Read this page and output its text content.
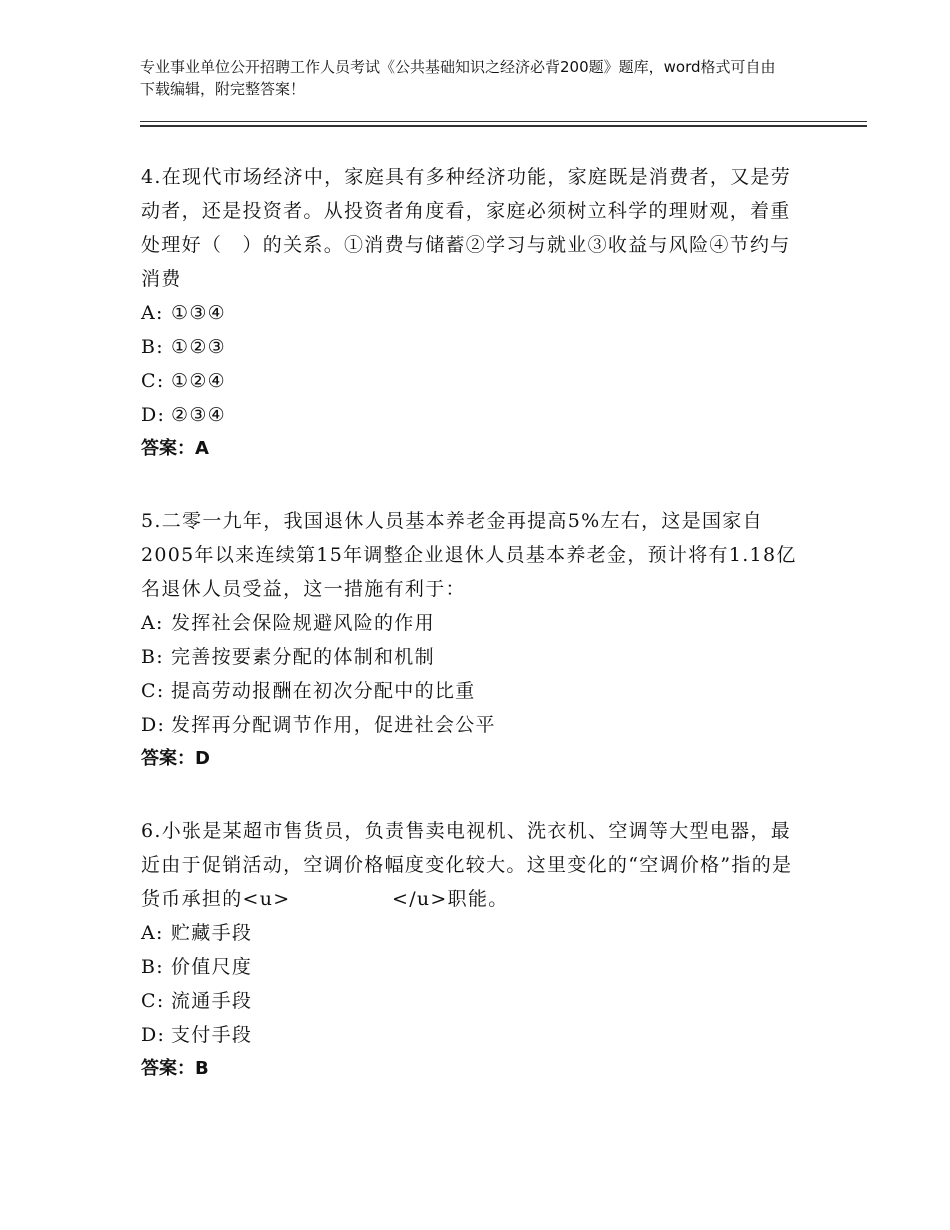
专业事业单位公开招聘工作人员考试《公共基础知识之经济必背200题》题库，word格式可自由下载编辑，附完整答案！
4.在现代市场经济中，家庭具有多种经济功能，家庭既是消费者，又是劳动者，还是投资者。从投资者角度看，家庭必须树立科学的理财观，着重处理好（　）的关系。①消费与储蓄②学习与就业③收益与风险④节约与消费
A: ①③④
B: ①②③
C: ①②④
D: ②③④
答案：A
5.二零一九年，我国退休人员基本养老金再提高5%左右，这是国家自2005年以来连续第15年调整企业退休人员基本养老金，预计将有1.18亿名退休人员受益，这一措施有利于：
A: 发挥社会保险规避风险的作用
B: 完善按要素分配的体制和机制
C: 提高劳动报酬在初次分配中的比重
D: 发挥再分配调节作用，促进社会公平
答案：D
6.小张是某超市售货员，负责售卖电视机、洗衣机、空调等大型电器，最近由于促销活动，空调价格幅度变化较大。这里变化的“空调价格”指的是货币承担的<u>　　　　　</u>职能。
A: 贮藏手段
B: 价值尺度
C: 流通手段
D: 支付手段
答案：B
